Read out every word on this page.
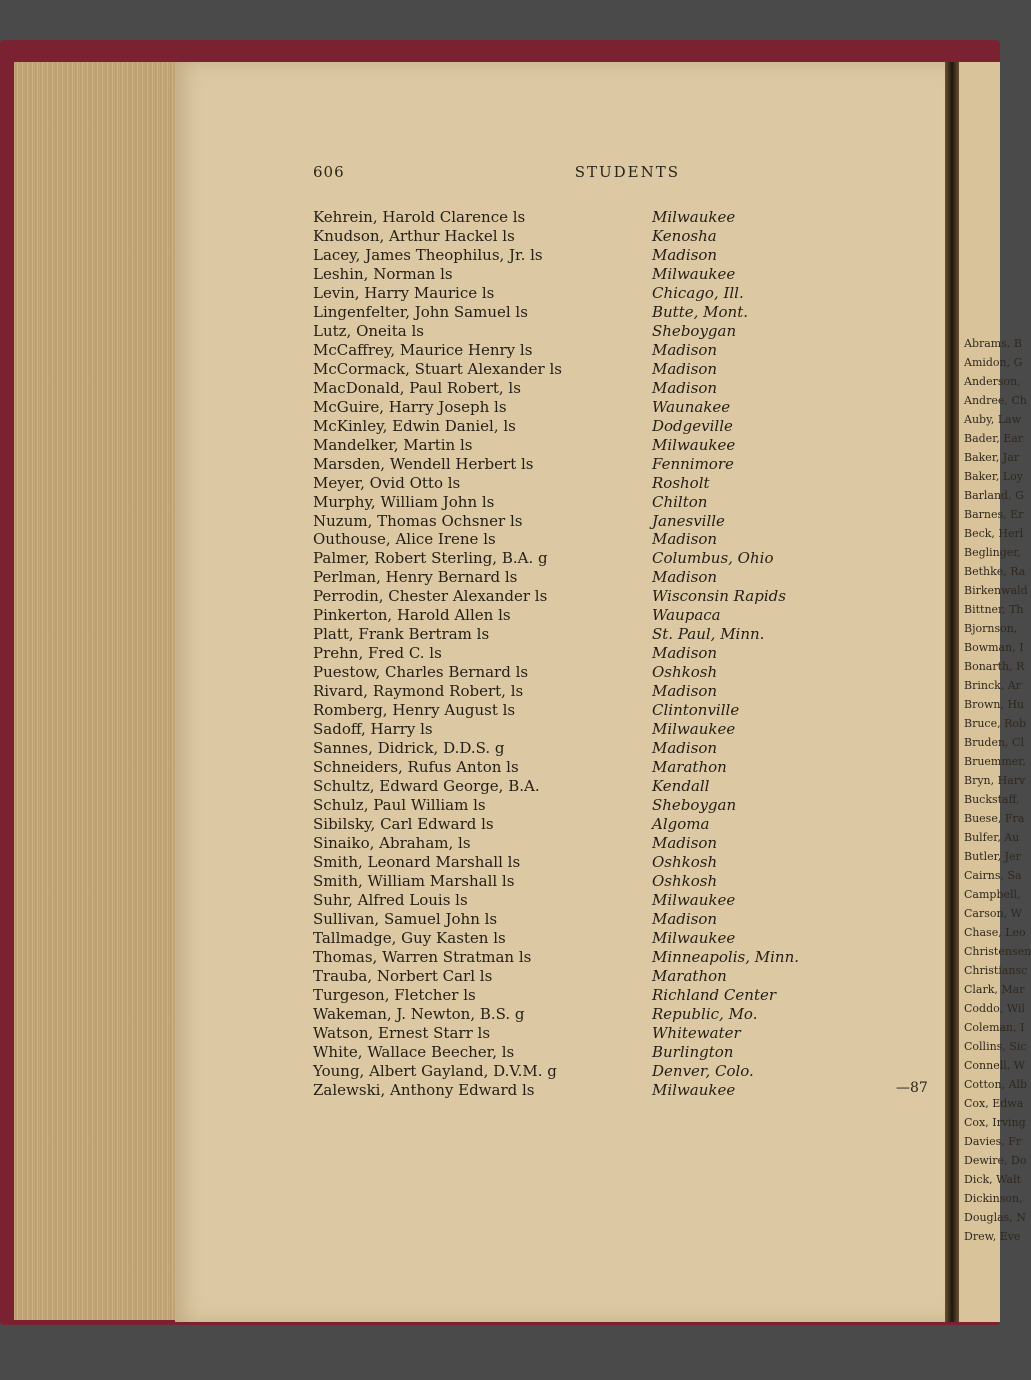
Abrams, B
Amidon, G
Anderson,
Andree, Ch
Auby, Law
Bader, Ear
Baker, Jar
Baker, Loy
Barland, G
Barnes, Er
Beck, Herl
Beglinger,
Bethke, Ra
Birkenwald
Bittner, Th
Bjornson,
Bowman, I
Bonarth, R
Brinck, Ar
Brown, Hu
Bruce, Rob
Bruden, Cl
Bruemmer,
Bryn, Harv
Buckstaff,
Buese, Fra
Bulfer, Au
Butler, Jer
Cairns, Sa
Campbell,
Carson, W
Chase, Leo
Christensen
Christiansc
Clark, Mar
Coddo, Wil
Coleman, I
Collins, Sic
Connell, W
Cotton, Alb
Cox, Edwa
Cox, Irving
Davies, Fr
Dewire, Do
Dick, Walt
Dickinson,
Douglas, N
Drew, Eve
606	STUDENTS
Kehrein, Harold Clarence ls	Milwaukee
Knudson, Arthur Hackel ls	Kenosha
Lacey, James Theophilus, Jr. ls	Madison
Leshin, Norman ls	Milwaukee
Levin, Harry Maurice ls	Chicago, Ill.
Lingenfelter, John Samuel ls	Butte, Mont.
Lutz, Oneita ls	Sheboygan
McCaffrey, Maurice Henry ls	Madison
McCormack, Stuart Alexander ls	Madison
MacDonald, Paul Robert, ls	Madison
McGuire, Harry Joseph ls	Waunakee
McKinley, Edwin Daniel, ls	Dodgeville
Mandelker, Martin ls	Milwaukee
Marsden, Wendell Herbert ls	Fennimore
Meyer, Ovid Otto ls	Rosholt
Murphy, William John ls	Chilton
Nuzum, Thomas Ochsner ls	Janesville
Outhouse, Alice Irene ls	Madison
Palmer, Robert Sterling, B.A. g	Columbus, Ohio
Perlman, Henry Bernard ls	Madison
Perrodin, Chester Alexander ls	Wisconsin Rapids
Pinkerton, Harold Allen ls	Waupaca
Platt, Frank Bertram ls	St. Paul, Minn.
Prehn, Fred C. ls	Madison
Puestow, Charles Bernard ls	Oshkosh
Rivard, Raymond Robert, ls	Madison
Romberg, Henry August ls	Clintonville
Sadoff, Harry ls	Milwaukee
Sannes, Didrick, D.D.S. g	Madison
Schneiders, Rufus Anton ls	Marathon
Schultz, Edward George, B.A.	Kendall
Schulz, Paul William ls	Sheboygan
Sibilsky, Carl Edward ls	Algoma
Sinaiko, Abraham, ls	Madison
Smith, Leonard Marshall ls	Oshkosh
Smith, William Marshall ls	Oshkosh
Suhr, Alfred Louis ls	Milwaukee
Sullivan, Samuel John ls	Madison
Tallmadge, Guy Kasten ls	Milwaukee
Thomas, Warren Stratman ls	Minneapolis, Minn.
Trauba, Norbert Carl ls	Marathon
Turgeson, Fletcher ls	Richland Center
Wakeman, J. Newton, B.S. g	Republic, Mo.
Watson, Ernest Starr ls	Whitewater
White, Wallace Beecher, ls	Burlington
Young, Albert Gayland, D.V.M. g	Denver, Colo.
Zalewski, Anthony Edward ls	Milwaukee	—87
